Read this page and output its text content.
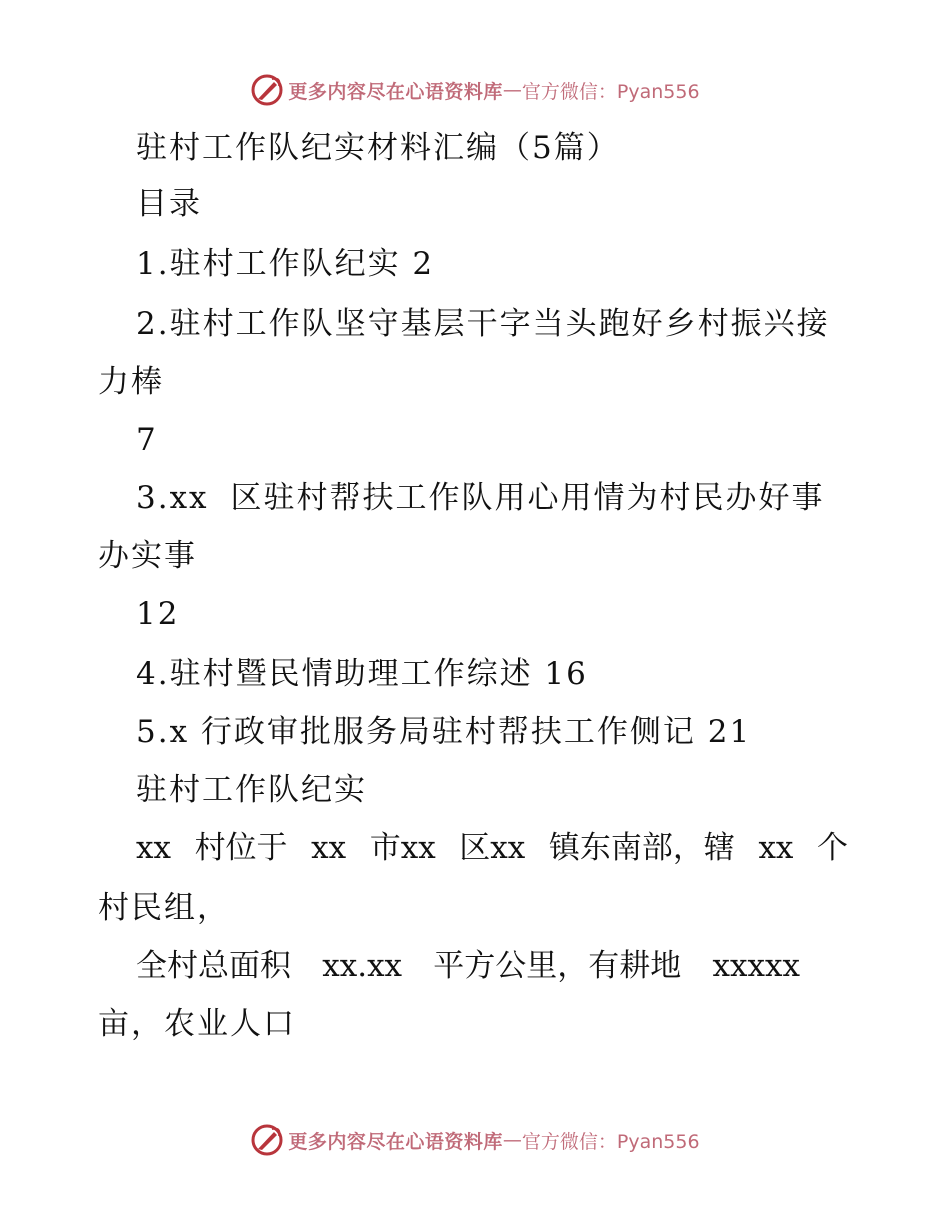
更多内容尽在心语资料库 — 官方微信：Pyan556

驻村工作队纪实材料汇编（5篇）

目录

1.驻村工作队纪实 2

2.驻村工作队坚守基层干字当头跑好乡村振兴接

力棒

7

3.xx 区驻村帮扶工作队用心用情为村民办好事

办实事

12

4.驻村暨民情助理工作综述 16

5.x 行政审批服务局驻村帮扶工作侧记 21

驻村工作队纪实

xx 村位于 xx 市xx 区xx 镇东南部，辖 xx 个

村民组，

全村总面积 xx.xx 平方公里，有耕地 xxxxx

亩，农业人口

更多内容尽在心语资料库 — 官方微信：Pyan556
